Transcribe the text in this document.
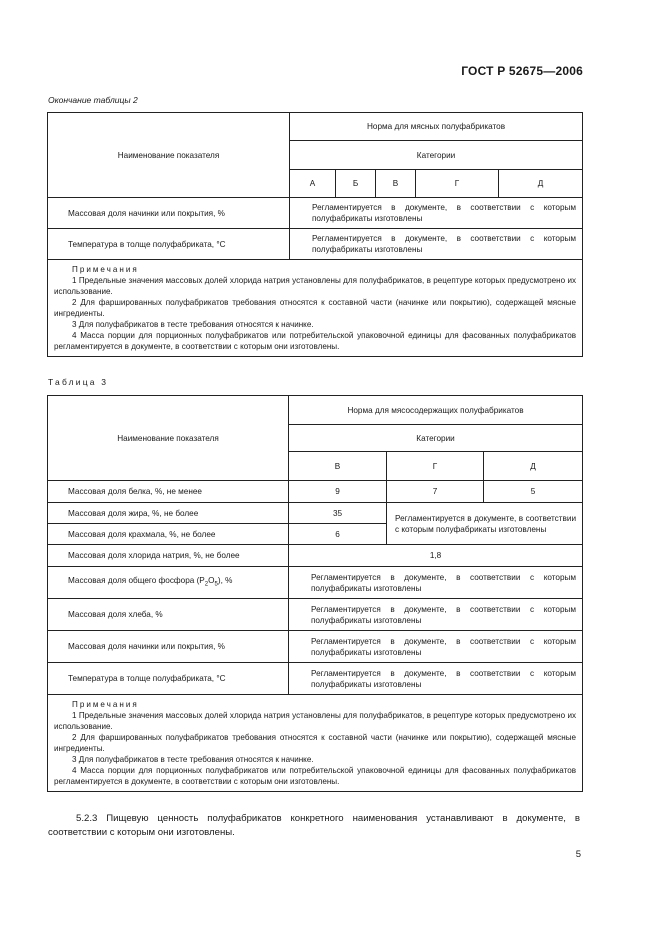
ГОСТ Р 52675—2006
Окончание таблицы 2
Наименование показателя	Норма для мясных полуфабрикатов				
	Категории				
	А	Б	В	Г	Д
Массовая доля начинки или покрытия, %	Регламентируется в документе, в соответствии с которым полуфабрикаты изготовлены				
Температура в толще полуфабриката, °С	Регламентируется в документе, в соответствии с которым полуфабрикаты изготовлены				

Примечания

1 Предельные значения массовых долей хлорида натрия установлены для полуфабрикатов, в рецептуре которых предусмотрено их использование.

2 Для фаршированных полуфабрикатов требования относятся к составной части (начинке или покрытию), содержащей мясные ингредиенты.

3 Для полуфабрикатов в тесте требования относятся к начинке.

4 Масса порции для порционных полуфабрикатов или потребительской упаковочной единицы для фасованных полуфабрикатов регламентируется в документе, в соответствии с которым они изготовлены.					

Таблица 3
Наименование показателя	Норма для мясосодержащих полуфабрикатов		
	Категории		
	В	Г	Д
Массовая доля белка, %, не менее	9	7	5
Массовая доля жира, %, не более	35	Регламентируется в документе, в соответствии с которым полуфабрикаты изготовлены	
Массовая доля крахмала, %, не более	6		
Массовая доля хлорида натрия, %, не более	1,8		
Массовая доля общего фосфора $(P_2O_5)$, %	Регламентируется в документе, в соответствии с которым полуфабрикаты изготовлены		
Массовая доля хлеба, %	Регламентируется в документе, в соответствии с которым полуфабрикаты изготовлены		
Массовая доля начинки или покрытия, %	Регламентируется в документе, в соответствии с которым полуфабрикаты изготовлены		
Температура в толще полуфабриката, °С	Регламентируется в документе, в соответствии с которым полуфабрикаты изготовлены		

Примечания

1 Предельные значения массовых долей хлорида натрия установлены для полуфабрикатов, в рецептуре которых предусмотрено их использование.

2 Для фаршированных полуфабрикатов требования относятся к составной части (начинке или покрытию), содержащей мясные ингредиенты.

3 Для полуфабрикатов в тесте требования относятся к начинке.

4 Масса порции для порционных полуфабрикатов или потребительской упаковочной единицы для фасованных полуфабрикатов регламентируется в документе, в соответствии с которым они изготовлены.			

5.2.3 Пищевую ценность полуфабрикатов конкретного наименования устанавливают в документе, в соответствии с которым они изготовлены.
5
